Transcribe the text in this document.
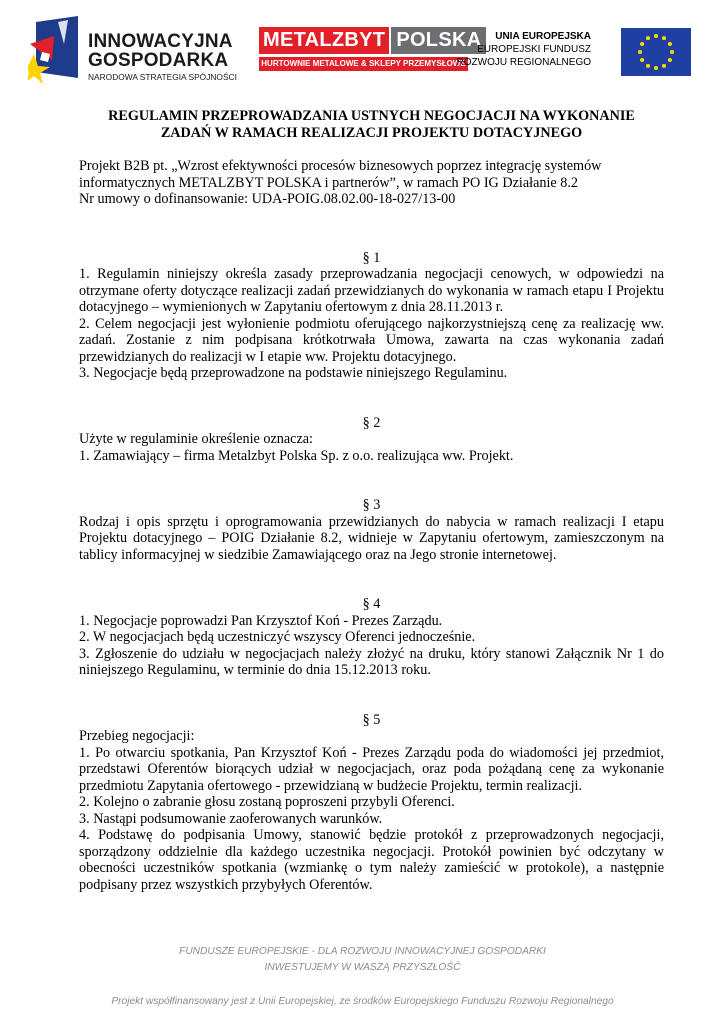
INNOWACYJNA
GOSPODARKA
NARODOWA STRATEGIA SPÓJNOŚCI
METALZBYT POLSKA
HURTOWNIE METALOWE & SKLEPY PRZEMYSŁOWE
UNIA EUROPEJSKA
EUROPEJSKI FUNDUSZ
ROZWOJU REGIONALNEGO
REGULAMIN PRZEPROWADZANIA USTNYCH NEGOCJACJI NA WYKONANIE
ZADAŃ W RAMACH REALIZACJI PROJEKTU DOTACYJNEGO

Projekt B2B pt. „Wzrost efektywności procesów biznesowych poprzez integrację systemów

informatycznych METALZBYT POLSKA i partnerów”, w ramach PO IG Działanie 8.2

Nr umowy o dofinansowanie: UDA-POIG.08.02.00-18-027/13-00

§ 1

1. Regulamin niniejszy określa zasady przeprowadzania negocjacji cenowych, w odpowiedzi na otrzymane oferty dotyczące realizacji zadań przewidzianych do wykonania w ramach etapu I Projektu dotacyjnego – wymienionych w Zapytaniu ofertowym z dnia 28.11.2013 r.

2. Celem negocjacji jest wyłonienie podmiotu oferującego najkorzystniejszą cenę za realizację ww. zadań. Zostanie z nim podpisana krótkotrwała Umowa, zawarta na czas wykonania zadań przewidzianych do realizacji w I etapie ww. Projektu dotacyjnego.

3. Negocjacje będą przeprowadzone na podstawie niniejszego Regulaminu.

§ 2

Użyte w regulaminie określenie oznacza:

1. Zamawiający – firma Metalzbyt Polska Sp. z o.o. realizująca ww. Projekt.

§ 3

Rodzaj i opis sprzętu i oprogramowania przewidzianych do nabycia w ramach realizacji I etapu Projektu dotacyjnego – POIG Działanie 8.2, widnieje w Zapytaniu ofertowym, zamieszczonym na tablicy informacyjnej w siedzibie Zamawiającego oraz na Jego stronie internetowej.

§ 4

1. Negocjacje poprowadzi Pan Krzysztof Koń - Prezes Zarządu.

2. W negocjacjach będą uczestniczyć wszyscy Oferenci jednocześnie.

3. Zgłoszenie do udziału w negocjacjach należy złożyć na druku, który stanowi Załącznik Nr 1 do niniejszego Regulaminu, w terminie do dnia 15.12.2013 roku.

§ 5

Przebieg negocjacji:

1. Po otwarciu spotkania, Pan Krzysztof Koń - Prezes Zarządu poda do wiadomości jej przedmiot, przedstawi Oferentów biorących udział w negocjacjach, oraz poda pożądaną cenę za wykonanie przedmiotu Zapytania ofertowego - przewidzianą w budżecie Projektu, termin realizacji.

2. Kolejno o zabranie głosu zostaną poproszeni przybyli Oferenci.

3. Nastąpi podsumowanie zaoferowanych warunków.

4. Podstawę do podpisania Umowy, stanowić będzie protokół z przeprowadzonych negocjacji, sporządzony oddzielnie dla każdego uczestnika negocjacji. Protokół powinien być odczytany w obecności uczestników spotkania (wzmiankę o tym należy zamieścić w protokole), a następnie podpisany przez wszystkich przybyłych Oferentów.

FUNDUSZE EUROPEJSKIE - DLA ROZWOJU INNOWACYJNEJ GOSPODARKI
INWESTUJEMY W WASZĄ PRZYSZŁOŚĆ
Projekt współfinansowany jest z Unii Europejskiej, ze środków Europejskiego Funduszu Rozwoju Regionalnego
